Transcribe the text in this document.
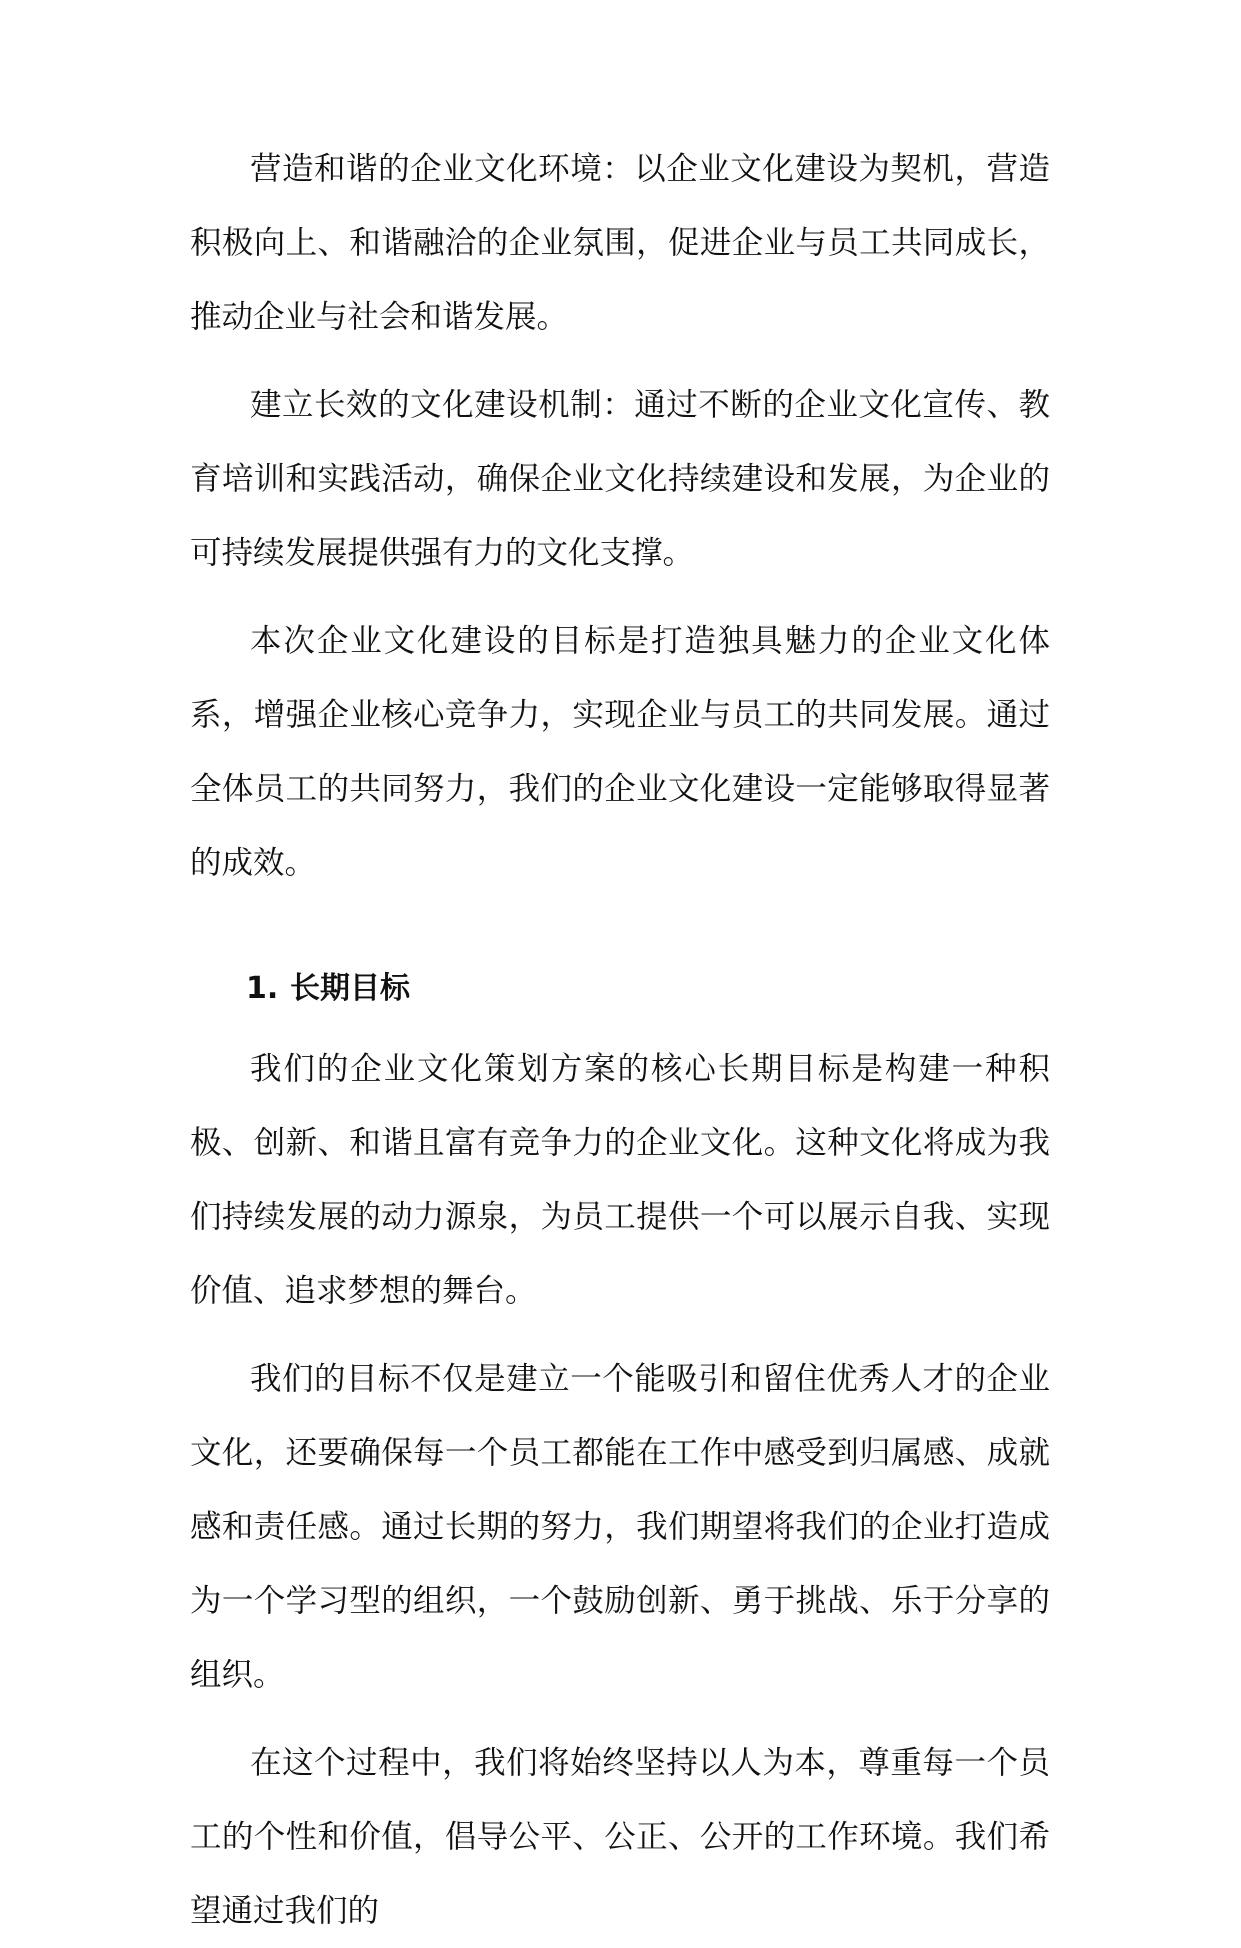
营造和谐的企业文化环境：以企业文化建设为契机，营造积极向上、和谐融洽的企业氛围，促进企业与员工共同成长，推动企业与社会和谐发展。

建立长效的文化建设机制：通过不断的企业文化宣传、教育培训和实践活动，确保企业文化持续建设和发展，为企业的可持续发展提供强有力的文化支撑。

本次企业文化建设的目标是打造独具魅力的企业文化体系，增强企业核心竞争力，实现企业与员工的共同发展。通过全体员工的共同努力，我们的企业文化建设一定能够取得显著的成效。

1. 长期目标

我们的企业文化策划方案的核心长期目标是构建一种积极、创新、和谐且富有竞争力的企业文化。这种文化将成为我们持续发展的动力源泉，为员工提供一个可以展示自我、实现价值、追求梦想的舞台。

我们的目标不仅是建立一个能吸引和留住优秀人才的企业文化，还要确保每一个员工都能在工作中感受到归属感、成就感和责任感。通过长期的努力，我们期望将我们的企业打造成为一个学习型的组织，一个鼓励创新、勇于挑战、乐于分享的组织。

在这个过程中，我们将始终坚持以人为本，尊重每一个员工的个性和价值，倡导公平、公正、公开的工作环境。我们希望通过我们的
